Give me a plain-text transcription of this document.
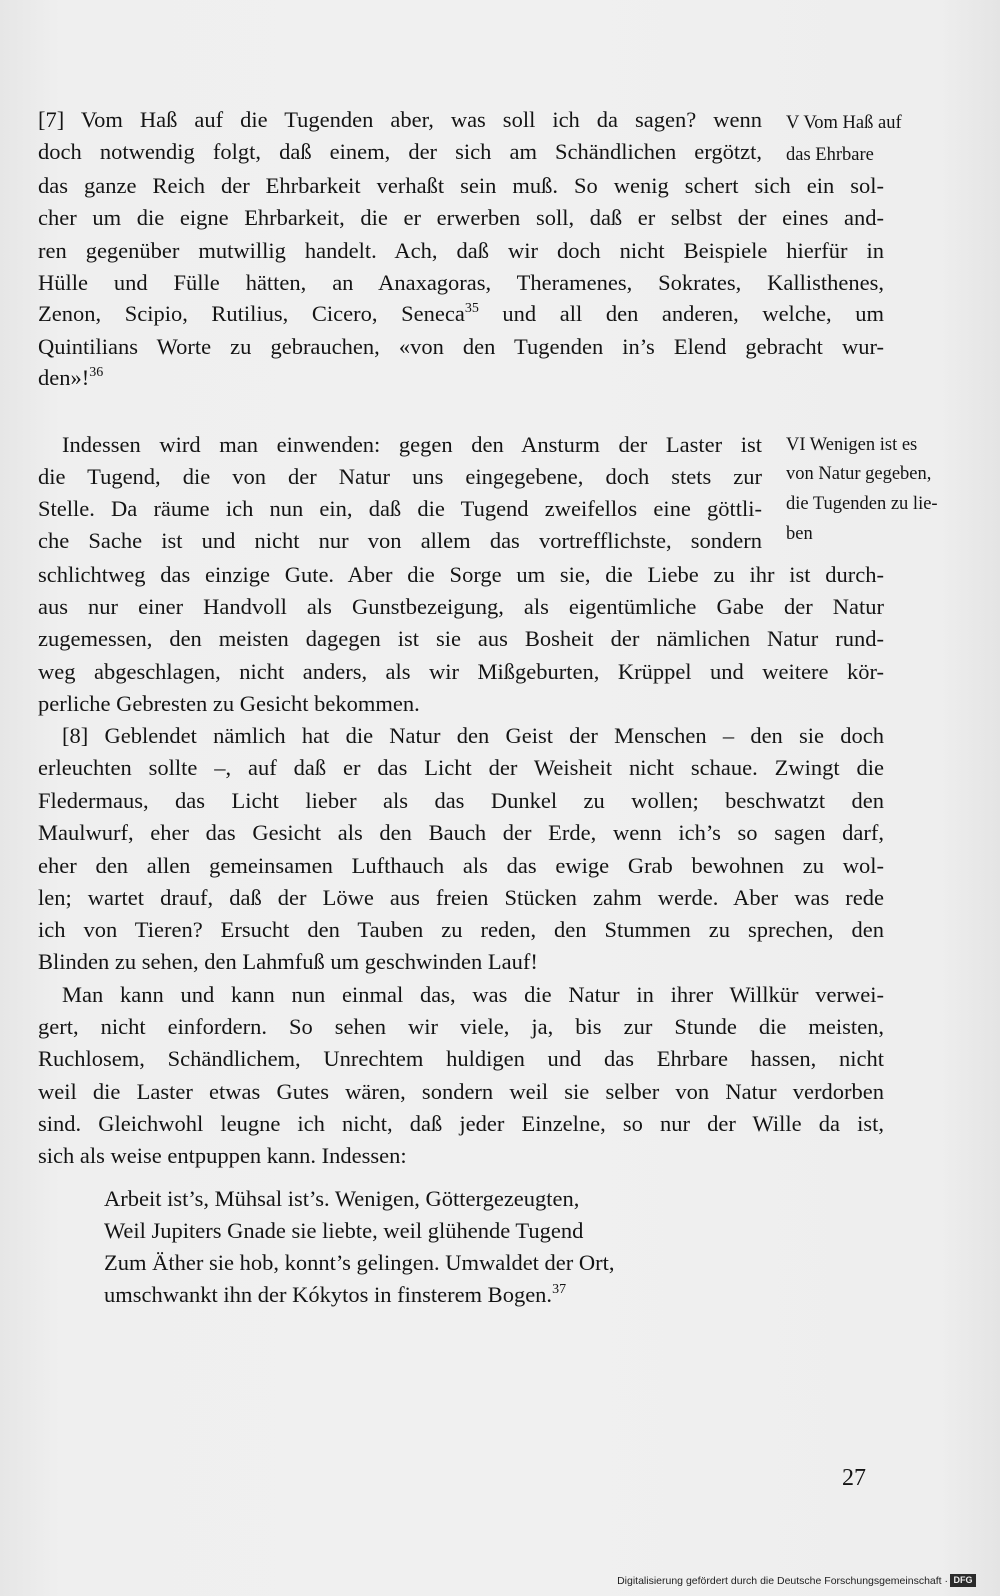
[7] Vom Haß auf die Tugenden aber, was soll ich da sagen? wenn
doch notwendig folgt, daß einem, der sich am Schändlichen ergötzt,
das ganze Reich der Ehrbarkeit verhaßt sein muß. So wenig schert sich ein sol-
cher um die eigne Ehrbarkeit, die er erwerben soll, daß er selbst der eines and-
ren gegenüber mutwillig handelt. Ach, daß wir doch nicht Beispiele hierfür in
Hülle und Fülle hätten, an Anaxagoras, Theramenes, Sokrates, Kallisthenes,
Zenon, Scipio, Rutilius, Cicero, Seneca$^{35}$ und all den anderen, welche, um
Quintilians Worte zu gebrauchen, «von den Tugenden in’s Elend gebracht wur-
den»!$^{36}$
V Vom Haß auf
das Ehrbare
Indessen wird man einwenden: gegen den Ansturm der Laster ist
die Tugend, die von der Natur uns eingegebene, doch stets zur
Stelle. Da räume ich nun ein, daß die Tugend zweifellos eine göttli-
che Sache ist und nicht nur von allem das vortrefflichste, sondern
schlichtweg das einzige Gute. Aber die Sorge um sie, die Liebe zu ihr ist durch-
aus nur einer Handvoll als Gunstbezeigung, als eigentümliche Gabe der Natur
zugemessen, den meisten dagegen ist sie aus Bosheit der nämlichen Natur rund-
weg abgeschlagen, nicht anders, als wir Mißgeburten, Krüppel und weitere kör-
perliche Gebresten zu Gesicht bekommen.
VI Wenigen ist es
von Natur gegeben,
die Tugenden zu lie-
ben
[8] Geblendet nämlich hat die Natur den Geist der Menschen – den sie doch
erleuchten sollte –, auf daß er das Licht der Weisheit nicht schaue. Zwingt die
Fledermaus, das Licht lieber als das Dunkel zu wollen; beschwatzt den
Maulwurf, eher das Gesicht als den Bauch der Erde, wenn ich’s so sagen darf,
eher den allen gemeinsamen Lufthauch als das ewige Grab bewohnen zu wol-
len; wartet drauf, daß der Löwe aus freien Stücken zahm werde. Aber was rede
ich von Tieren? Ersucht den Tauben zu reden, den Stummen zu sprechen, den
Blinden zu sehen, den Lahmfuß um geschwinden Lauf!
Man kann und kann nun einmal das, was die Natur in ihrer Willkür verwei-
gert, nicht einfordern. So sehen wir viele, ja, bis zur Stunde die meisten,
Ruchlosem, Schändlichem, Unrechtem huldigen und das Ehrbare hassen, nicht
weil die Laster etwas Gutes wären, sondern weil sie selber von Natur verdorben
sind. Gleichwohl leugne ich nicht, daß jeder Einzelne, so nur der Wille da ist,
sich als weise entpuppen kann. Indessen:
Arbeit ist’s, Mühsal ist’s. Wenigen, Göttergezeugten,
Weil Jupiters Gnade sie liebte, weil glühende Tugend
Zum Äther sie hob, konnt’s gelingen. Umwaldet der Ort,
umschwankt ihn der Kókytos in finsterem Bogen.$^{37}$
27
Digitalisierung gefördert durch die Deutsche Forschungsgemeinschaft · DFG
